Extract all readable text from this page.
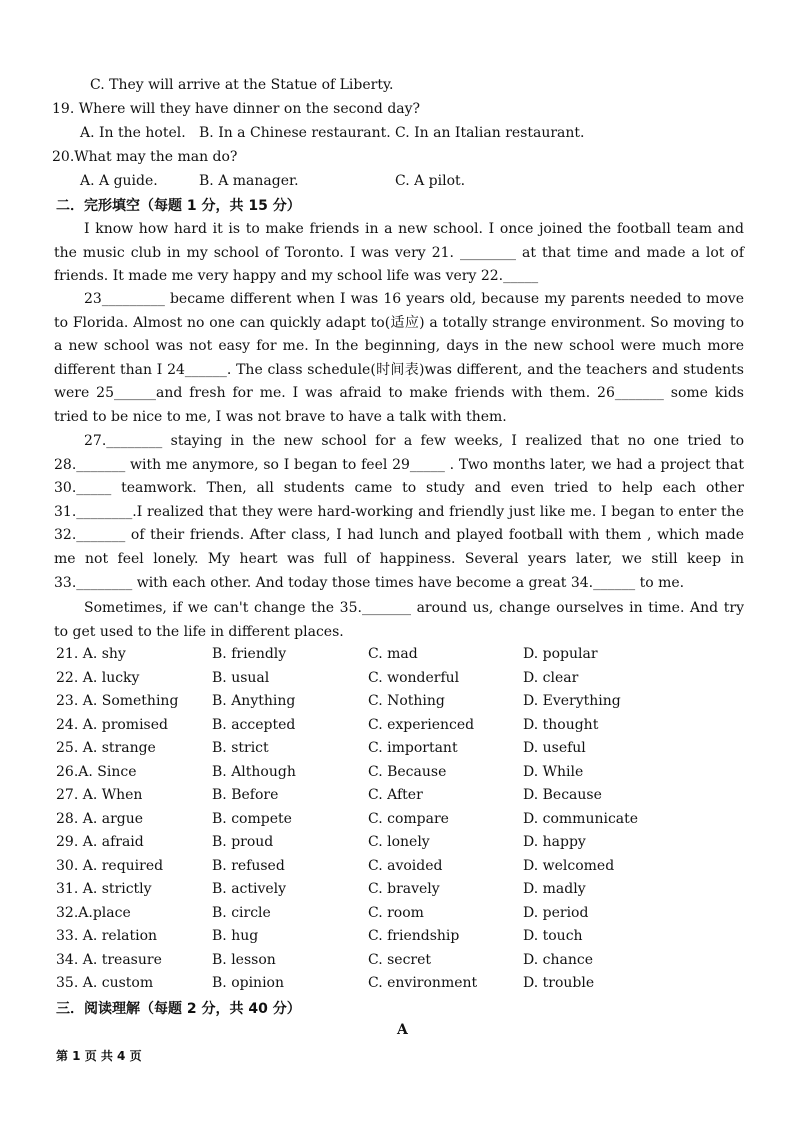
C. They will arrive at the Statue of Liberty.
19. Where will they have dinner on the second day?
A. In the hotel. B. In a Chinese restaurant. C. In an Italian restaurant.
20.What may the man do?
A. A guide.	B. A manager.	C. A pilot.
二．完形填空（每题 1 分，共 15 分）
I know how hard it is to make friends in a new school. I once joined the football team and the music club in my school of Toronto. I was very 21. ________ at that time and made a lot of friends. It made me very happy and my school life was very 22._____
23_________ became different when I was 16 years old, because my parents needed to move to Florida. Almost no one can quickly adapt to(适应) a totally strange environment. So moving to a new school was not easy for me. In the beginning, days in the new school were much more different than I 24______. The class schedule(时间表)was different, and the teachers and students were 25______and fresh for me. I was afraid to make friends with them. 26_______ some kids tried to be nice to me, I was not brave to have a talk with them.
27.________ staying in the new school for a few weeks, I realized that no one tried to 28._______ with me anymore, so I began to feel 29_____ . Two months later, we had a project that 30._____ teamwork. Then, all students came to study and even tried to help each other 31.________.I realized that they were hard-working and friendly just like me. I began to enter the 32._______ of their friends. After class, I had lunch and played football with them , which made me not feel lonely. My heart was full of happiness. Several years later, we still keep in 33.________ with each other. And today those times have become a great 34.______ to me.
Sometimes, if we can't change the 35._______ around us, change ourselves in time. And try to get used to the life in different places.
21. A. shy	B. friendly	C. mad	D. popular
22. A. lucky	B. usual	C. wonderful	D. clear
23. A. Something B. Anything	C. Nothing	D. Everything
24. A. promised	B. accepted	C. experienced	D. thought
25. A. strange	B. strict	C. important	D. useful
26.A. Since	B. Although	C. Because	D. While
27. A. When	B. Before	C. After	D. Because
28. A. argue	B. compete	C. compare	D. communicate
29. A. afraid	B. proud	C. lonely	D. happy
30. A. required	B. refused	C. avoided	D. welcomed
31. A. strictly	B. actively	C. bravely	D. madly
32.A.place	B. circle	C. room	D. period
33. A. relation	B. hug	C. friendship	D. touch
34. A. treasure	B. lesson	C. secret	D. chance
35. A. custom	B. opinion	C. environment	D. trouble
三．阅读理解（每题 2 分，共 40 分）
A
第 1 页 共 4 页
